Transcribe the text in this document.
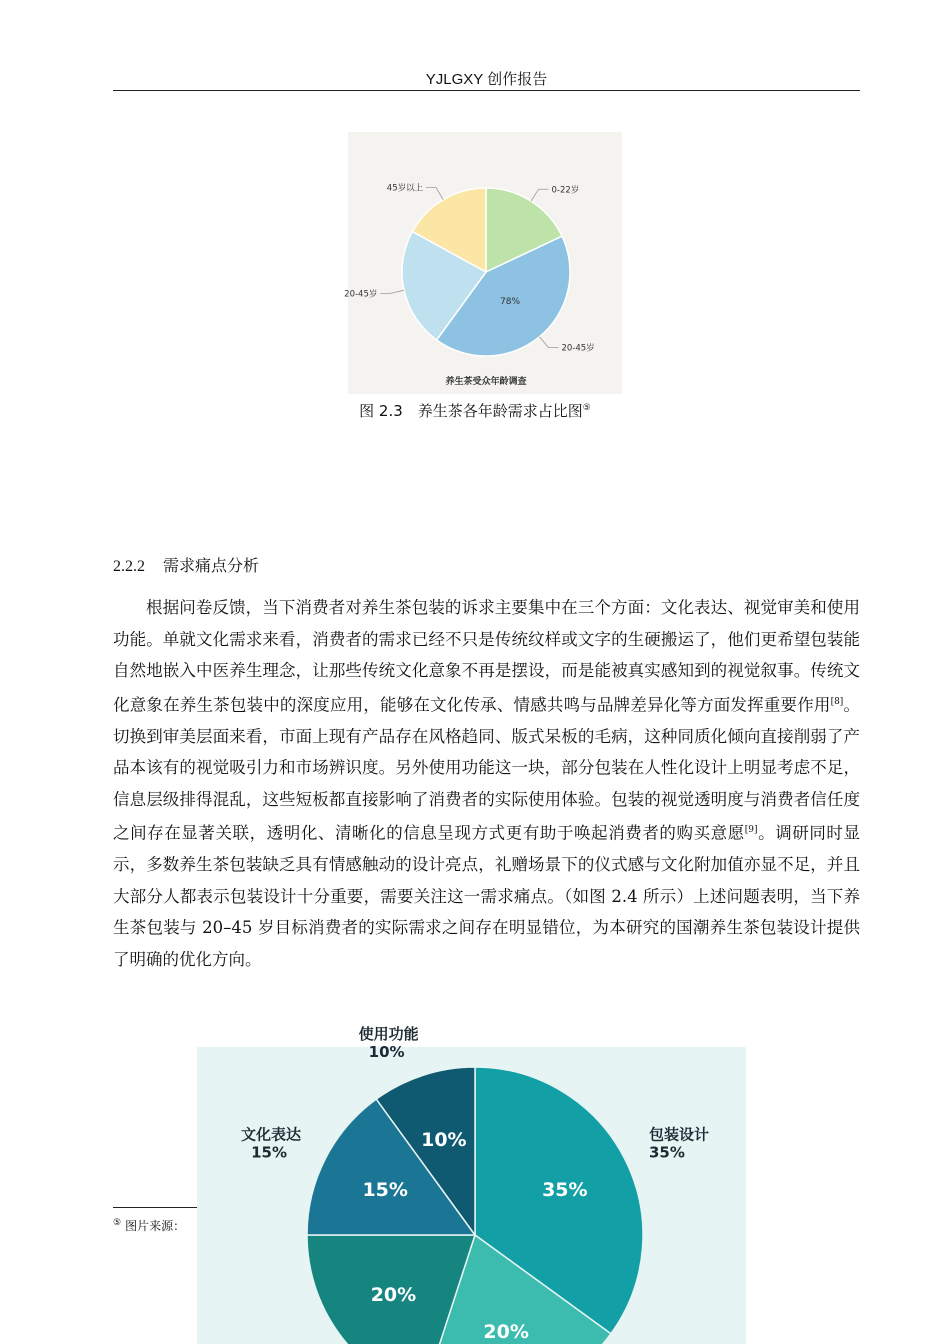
YJLGXY 创作报告
0-22岁
20-45岁
78%
20-45岁
45岁以上
养生茶受众年龄调查
图 2.3　养生茶各年龄需求占比图⑤
2.2.2 需求痛点分析
根据问卷反馈，当下消费者对养生茶包装的诉求主要集中在三个方面：文化表达、视觉审美和使用功能。单就文化需求来看，消费者的需求已经不只是传统纹样或文字的生硬搬运了，他们更希望包装能自然地嵌入中医养生理念，让那些传统文化意象不再是摆设，而是能被真实感知到的视觉叙事。传统文化意象在养生茶包装中的深度应用，能够在文化传承、情感共鸣与品牌差异化等方面发挥重要作用[8]。切换到审美层面来看，市面上现有产品存在风格趋同、版式呆板的毛病，这种同质化倾向直接削弱了产品本该有的视觉吸引力和市场辨识度。另外使用功能这一块，部分包装在人性化设计上明显考虑不足，信息层级排得混乱，这些短板都直接影响了消费者的实际使用体验。包装的视觉透明度与消费者信任度之间存在显著关联，透明化、清晰化的信息呈现方式更有助于唤起消费者的购买意愿[9]。调研同时显示，多数养生茶包装缺乏具有情感触动的设计亮点，礼赠场景下的仪式感与文化附加值亦显不足，并且大部分人都表示包装设计十分重要，需要关注这一需求痛点。（如图 2.4 所示）上述问题表明，当下养生茶包装与 20–45 岁目标消费者的实际需求之间存在明显错位，为本研究的国潮养生茶包装设计提供了明确的优化方向。
⑤ 图片来源：
35%
包装设计
35%
20%
20%
15%
文化表达
15%
10%
使用功能
10%
